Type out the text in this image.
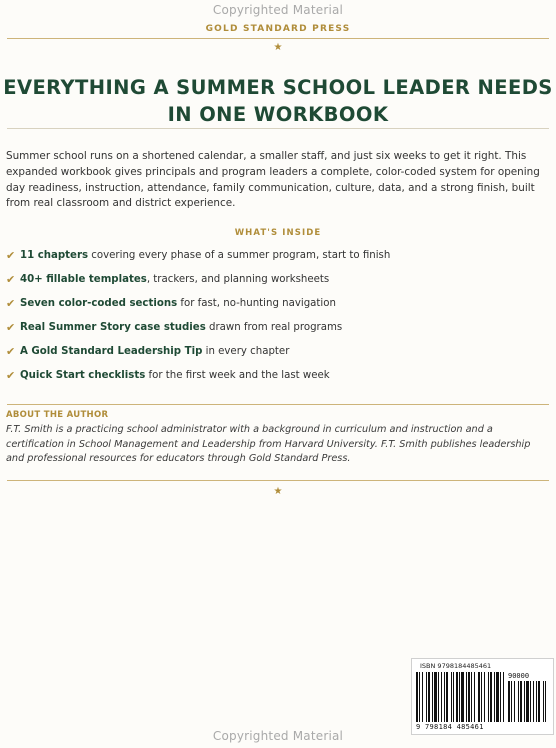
Copyrighted Material
GOLD STANDARD PRESS
★
EVERYTHING A SUMMER SCHOOL LEADER NEEDS
IN ONE WORKBOOK
Summer school runs on a shortened calendar, a smaller staff, and just six weeks to get it right. This expanded workbook gives principals and program leaders a complete, color-coded system for opening day readiness, instruction, attendance, family communication, culture, data, and a strong finish, built from real classroom and district experience.
WHAT'S INSIDE
✔ 11 chapters covering every phase of a summer program, start to finish
✔ 40+ fillable templates, trackers, and planning worksheets
✔ Seven color-coded sections for fast, no-hunting navigation
✔ Real Summer Story case studies drawn from real programs
✔ A Gold Standard Leadership Tip in every chapter
✔ Quick Start checklists for the first week and the last week
ABOUT THE AUTHOR
F.T. Smith is a practicing school administrator with a background in curriculum and instruction and a certification in School Management and Leadership from Harvard University. F.T. Smith publishes leadership and professional resources for educators through Gold Standard Press.
★
ISBN 9798184485461
90000
9 798184 485461
Copyrighted Material
